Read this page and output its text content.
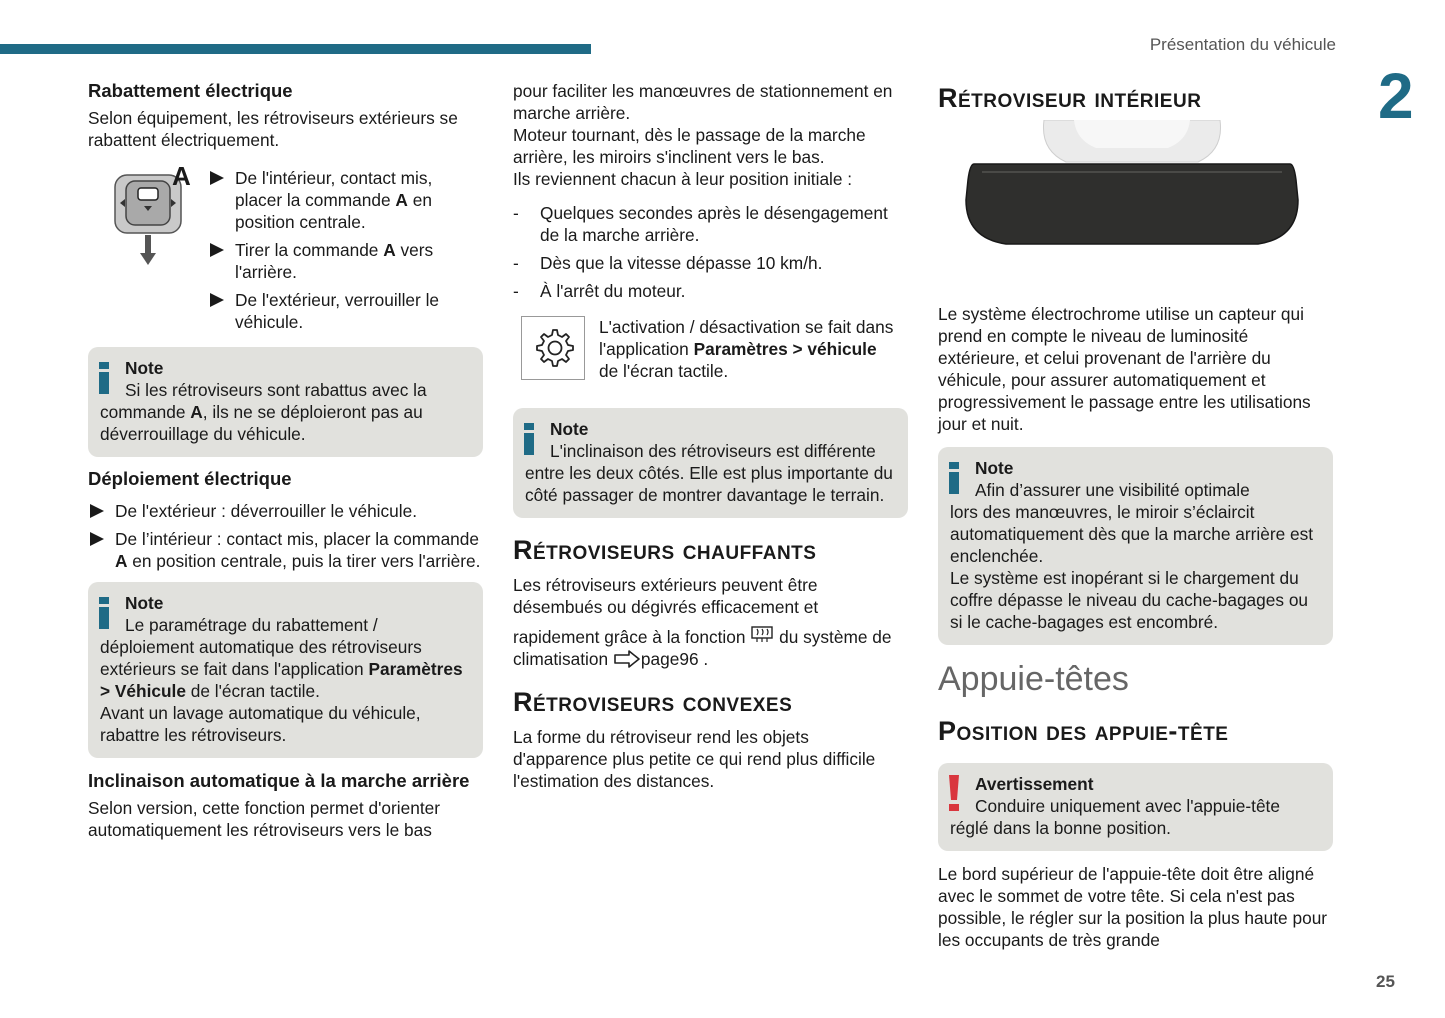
Présentation du véhicule
2
25

Rabattement électrique

Selon équipement, les rétroviseurs extérieurs se rabattent électriquement.

A	De l'intérieur, contact mis, placer la commande A en position centrale.
Tirer la commande A vers l'arrière.
De l'extérieur, verrouiller le véhicule.

Note

Si les rétroviseurs sont rabattus avec la

commande A, ils ne se déploieront pas au déverrouillage du véhicule.

Déploiement électrique

De l'extérieur : déverrouiller le véhicule.
De l’intérieur : contact mis, placer la commande A en position centrale, puis la tirer vers l'arrière.

Note

Le paramétrage du rabattement /

déploiement automatique des rétroviseurs extérieurs se fait dans l'application Paramètres > Véhicule de l'écran tactile.

Avant un lavage automatique du véhicule, rabattre les rétroviseurs.

Inclinaison automatique à la marche arrière

Selon version, cette fonction permet d'orienter automatiquement les rétroviseurs vers le bas

pour faciliter les manœuvres de stationnement en marche arrière.

Moteur tournant, dès le passage de la marche arrière, les miroirs s'inclinent vers le bas.

Ils reviennent chacun à leur position initiale :

- Quelques secondes après le désengagement de la marche arrière.
- Dès que la vitesse dépasse 10 km/h.
- À l'arrêt du moteur.

L'activation / désactivation se fait dans l'application Paramètres > véhicule de l'écran tactile.

Note

L'inclinaison des rétroviseurs est différente

entre les deux côtés. Elle est plus importante du côté passager de montrer davantage le terrain.

Rétroviseurs chauffants

Les rétroviseurs extérieurs peuvent être désembués ou dégivrés efficacement et

rapidement grâce à la fonction  du système de climatisation page96 .

Rétroviseurs convexes

La forme du rétroviseur rend les objets d'apparence plus petite ce qui rend plus difficile l'estimation des distances.

Rétroviseur intérieur

Le système électrochrome utilise un capteur qui prend en compte le niveau de luminosité extérieure, et celui provenant de l'arrière du véhicule, pour assurer automatiquement et progressivement le passage entre les utilisations jour et nuit.

Note

Afin d’assurer une visibilité optimale

lors des manœuvres, le miroir s’éclaircit automatiquement dès que la marche arrière est enclenchée.

Le système est inopérant si le chargement du coffre dépasse le niveau du cache-bagages ou si le cache-bagages est encombré.

Appuie-têtes

Position des appuie-tête

Avertissement

Conduire uniquement avec l'appuie-tête

réglé dans la bonne position.

Le bord supérieur de l'appuie-tête doit être aligné avec le sommet de votre tête. Si cela n'est pas possible, le régler sur la position la plus haute pour les occupants de très grande
